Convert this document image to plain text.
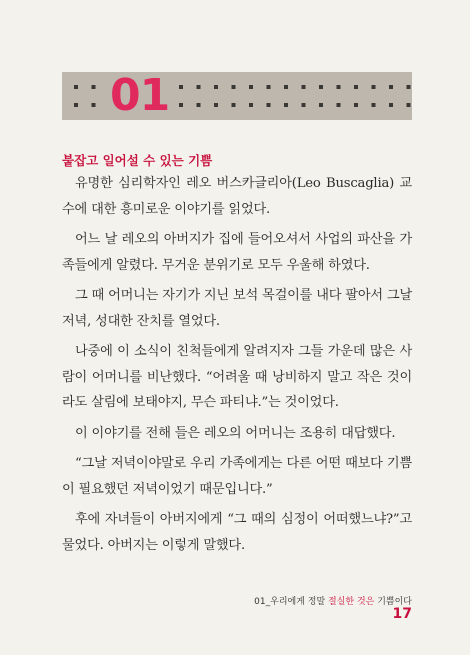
01
붙잡고 일어설 수 있는 기쁨

유명한 심리학자인 레오 버스카글리아(Leo Buscaglia) 교수에 대한 흥미로운 이야기를 읽었다.

어느 날 레오의 아버지가 집에 들어오셔서 사업의 파산을 가족들에게 알렸다. 무거운 분위기로 모두 우울해 하였다.

그 때 어머니는 자기가 지닌 보석 목걸이를 내다 팔아서 그날 저녁, 성대한 잔치를 열었다.

나중에 이 소식이 친척들에게 알려지자 그들 가운데 많은 사람이 어머니를 비난했다. “어려울 때 낭비하지 말고 작은 것이라도 살림에 보태야지, 무슨 파티냐.”는 것이었다.

이 이야기를 전해 들은 레오의 어머니는 조용히 대답했다.

“그날 저녁이야말로 우리 가족에게는 다른 어떤 때보다 기쁨이 필요했던 저녁이었기 때문입니다.”

후에 자녀들이 아버지에게 “그 때의 심정이 어떠했느냐?”고 물었다. 아버지는 이렇게 말했다.

01_우리에게 정말 절실한 것은 기쁨이다
17
